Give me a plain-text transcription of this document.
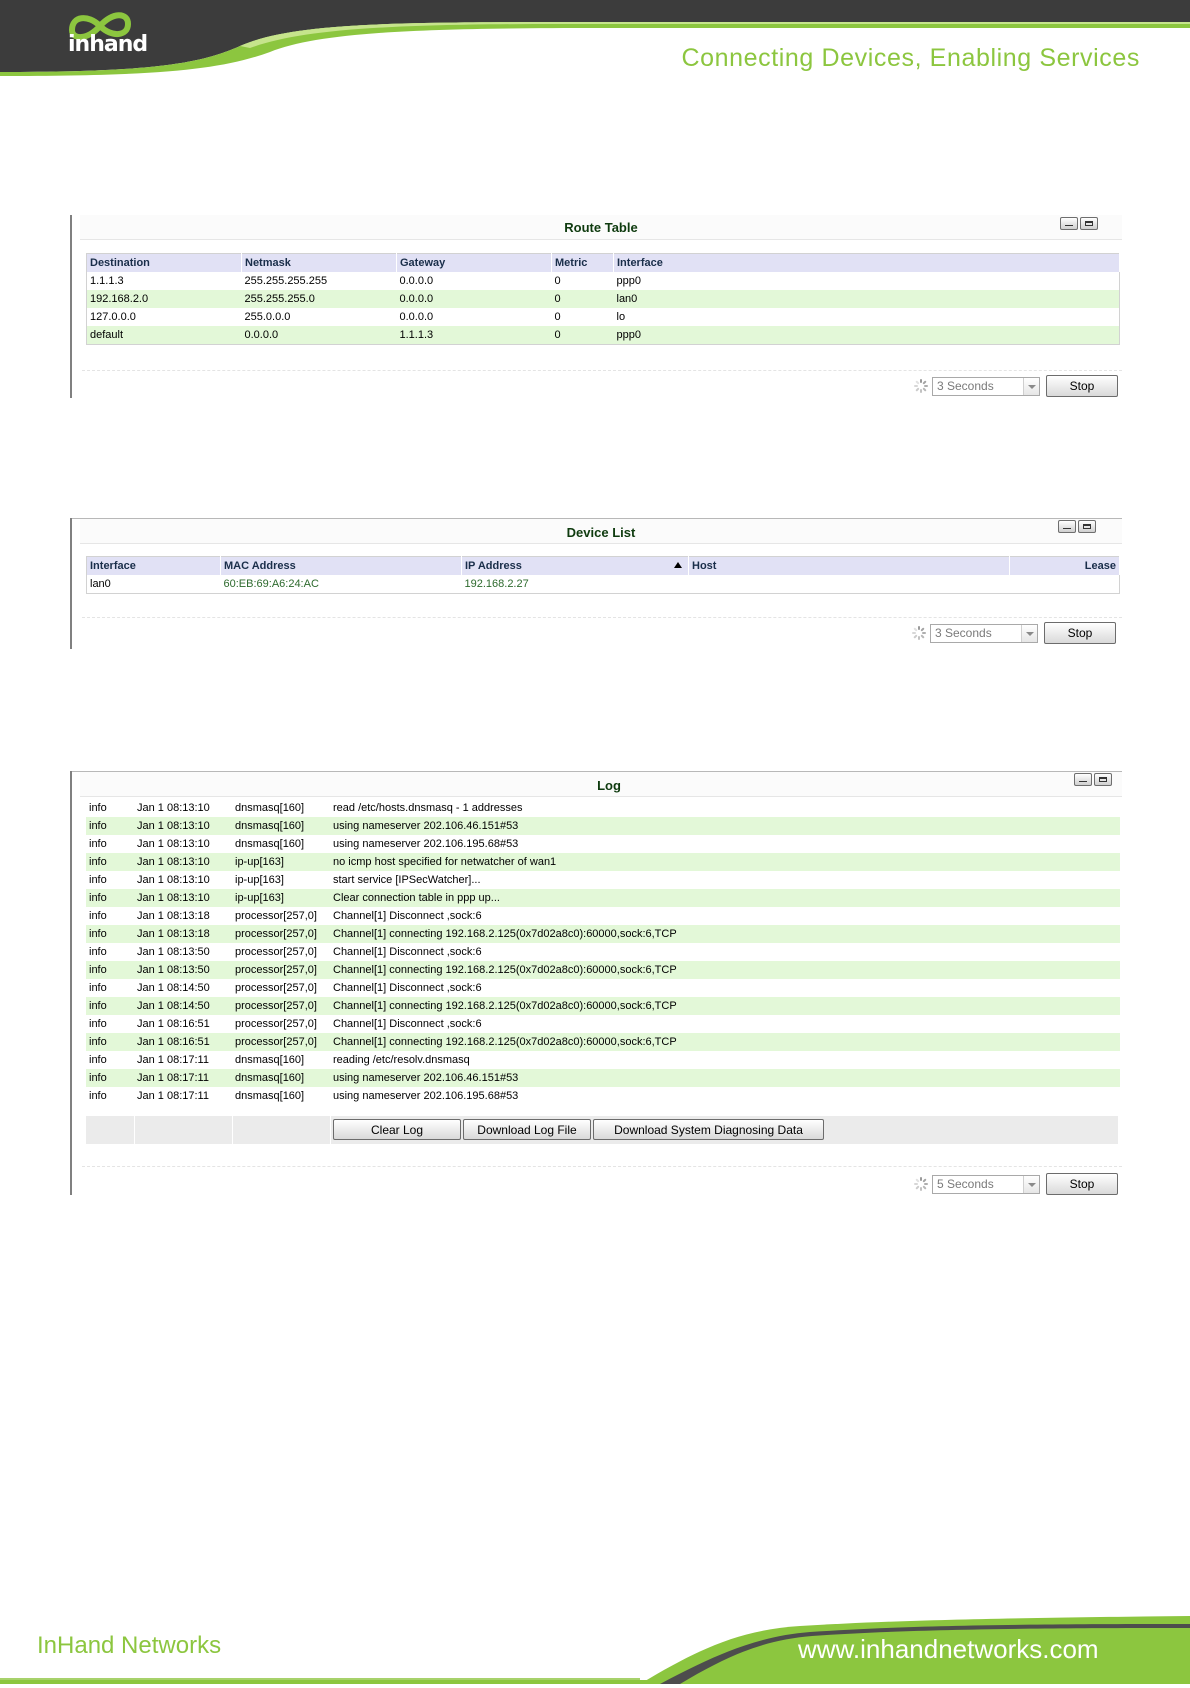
inhand	Connecting Devices, Enabling Services
Route Table
Destination	Netmask	Gateway	Metric	Interface
1.1.1.3	255.255.255.255	0.0.0.0	0	ppp0
192.168.2.0	255.255.255.0	0.0.0.0	0	lan0
127.0.0.0	255.0.0.0	0.0.0.0	0	lo
default	0.0.0.0	1.1.1.3	0	ppp0
3 Seconds	Stop
Device List
Interface	MAC Address	IP Address	Host	Lease
lan0	60:EB:69:A6:24:AC	192.168.2.27		
3 Seconds	Stop
Log
info	Jan 1 08:13:10	dnsmasq[160]	read /etc/hosts.dnsmasq - 1 addresses
info	Jan 1 08:13:10	dnsmasq[160]	using nameserver 202.106.46.151#53
info	Jan 1 08:13:10	dnsmasq[160]	using nameserver 202.106.195.68#53
info	Jan 1 08:13:10	ip-up[163]	no icmp host specified for netwatcher of wan1
info	Jan 1 08:13:10	ip-up[163]	start service [IPSecWatcher]...
info	Jan 1 08:13:10	ip-up[163]	Clear connection table in ppp up...
info	Jan 1 08:13:18	processor[257,0]	Channel[1] Disconnect ,sock:6
info	Jan 1 08:13:18	processor[257,0]	Channel[1] connecting 192.168.2.125(0x7d02a8c0):60000,sock:6,TCP
info	Jan 1 08:13:50	processor[257,0]	Channel[1] Disconnect ,sock:6
info	Jan 1 08:13:50	processor[257,0]	Channel[1] connecting 192.168.2.125(0x7d02a8c0):60000,sock:6,TCP
info	Jan 1 08:14:50	processor[257,0]	Channel[1] Disconnect ,sock:6
info	Jan 1 08:14:50	processor[257,0]	Channel[1] connecting 192.168.2.125(0x7d02a8c0):60000,sock:6,TCP
info	Jan 1 08:16:51	processor[257,0]	Channel[1] Disconnect ,sock:6
info	Jan 1 08:16:51	processor[257,0]	Channel[1] connecting 192.168.2.125(0x7d02a8c0):60000,sock:6,TCP
info	Jan 1 08:17:11	dnsmasq[160]	reading /etc/resolv.dnsmasq
info	Jan 1 08:17:11	dnsmasq[160]	using nameserver 202.106.46.151#53
info	Jan 1 08:17:11	dnsmasq[160]	using nameserver 202.106.195.68#53
Clear Log	Download Log File	Download System Diagnosing Data
5 Seconds	Stop
InHand Networks	www.inhandnetworks.com
